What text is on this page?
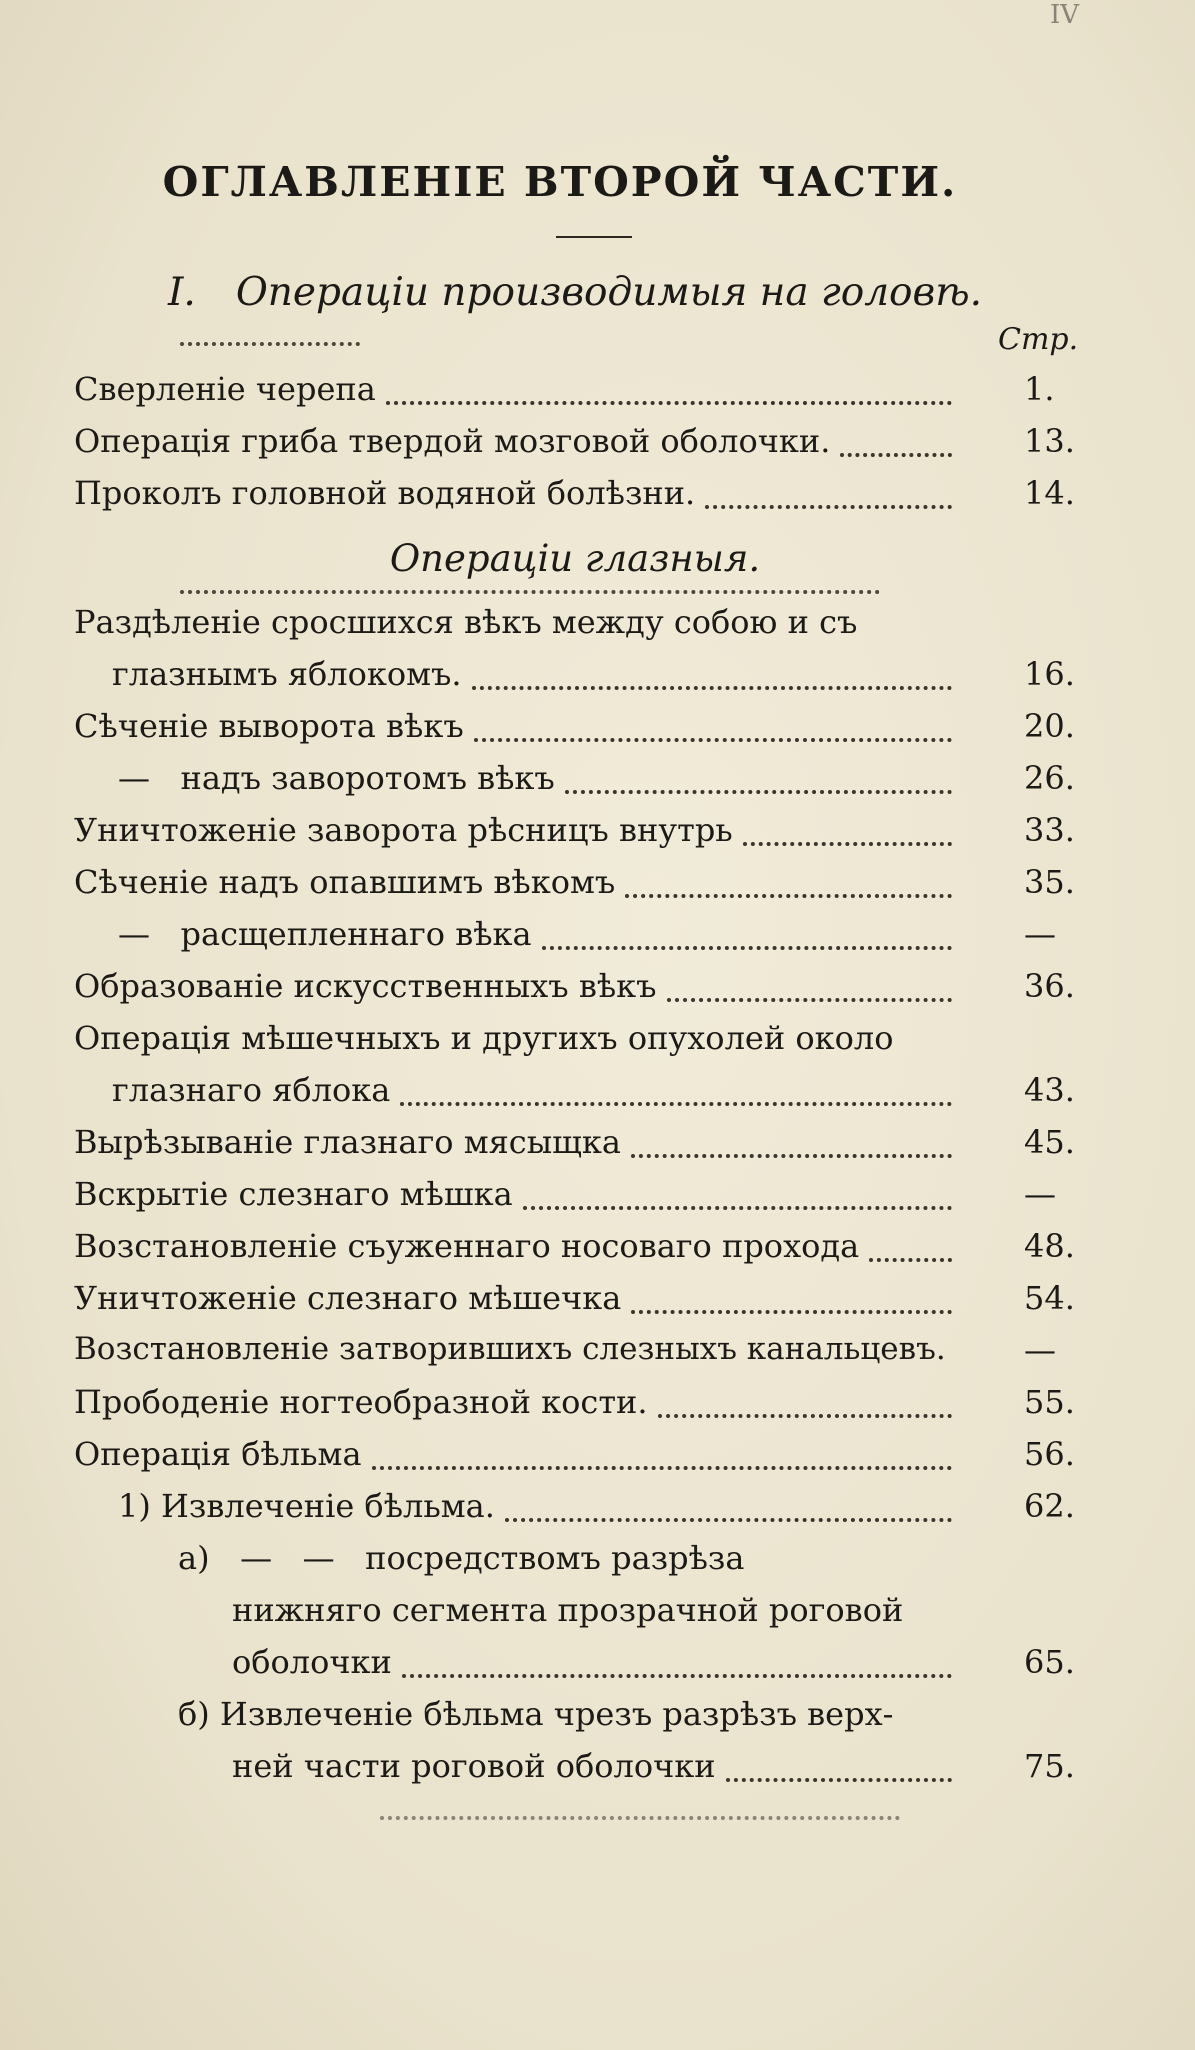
IV
ОГЛАВЛЕНІЕ ВТОРОЙ ЧАСТИ.
I. Операціи производимыя на головѣ.
Стр.
Сверленіе черепа	1.
Операція гриба твердой мозговой оболочки.	13.
Проколъ головной водяной болѣзни.	14.
Операціи глазныя.
Раздѣленіе сросшихся вѣкъ между собою и съ
глазнымъ яблокомъ.	16.
Сѣченіе выворота вѣкъ	20.
—   надъ заворотомъ вѣкъ	26.
Уничтоженіе заворота рѣсницъ внутрь	33.
Сѣченіе надъ опавшимъ вѣкомъ	35.
—   расщепленнаго вѣка	—
Образованіе искусственныхъ вѣкъ	36.
Операція мѣшечныхъ и другихъ опухолей около
глазнаго яблока	43.
Вырѣзываніе глазнаго мясыщка	45.
Вскрытіе слезнаго мѣшка	—
Возстановленіе съуженнаго носоваго прохода	48.
Уничтоженіе слезнаго мѣшечка	54.
Возстановленіе затворившихъ слезныхъ канальцевъ. —
Прободеніе ногтеобразной кости.	55.
Операція бѣльма	56.
1) Извлеченіе бѣльма.	62.
а)   —   —   посредствомъ разрѣза
нижняго сегмента прозрачной роговой
оболочки	65.
б) Извлеченіе бѣльма чрезъ разрѣзъ верх-
ней части роговой оболочки	75.
